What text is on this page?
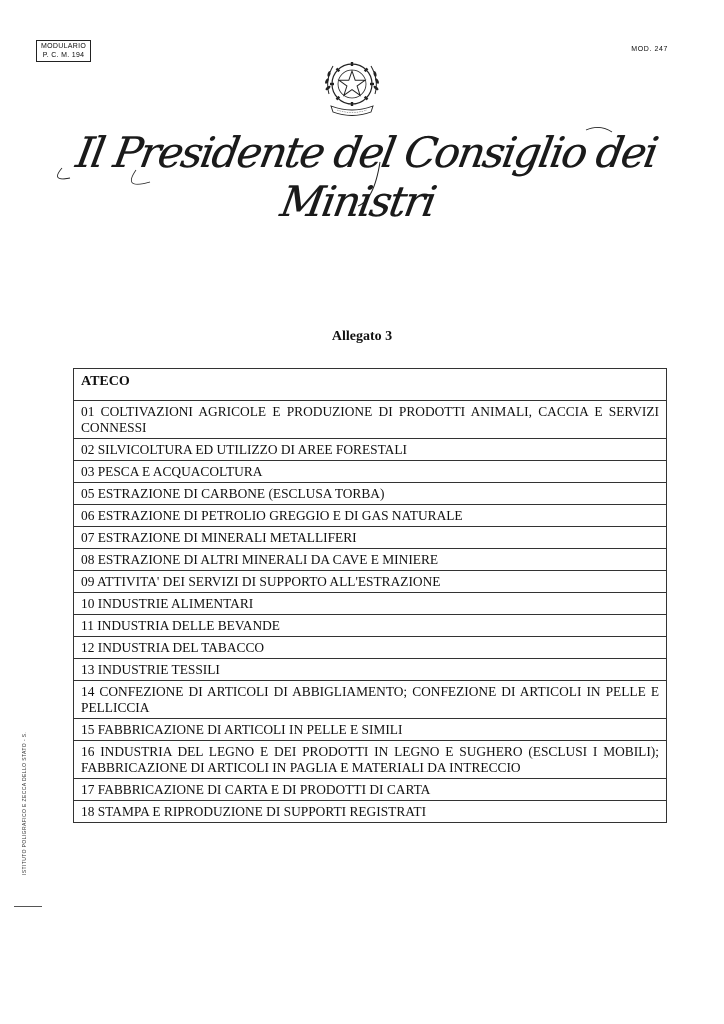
MODULARIO
P. C. M. 194
MOD. 247
Il Presidente del Consiglio dei Ministri
Allegato 3
ATECO
01 COLTIVAZIONI AGRICOLE E PRODUZIONE DI PRODOTTI ANIMALI, CACCIA E SERVIZI CONNESSI
02 SILVICOLTURA ED UTILIZZO DI AREE FORESTALI
03 PESCA E ACQUACOLTURA
05 ESTRAZIONE DI CARBONE (ESCLUSA TORBA)
06 ESTRAZIONE DI PETROLIO GREGGIO E DI GAS NATURALE
07 ESTRAZIONE DI MINERALI METALLIFERI
08 ESTRAZIONE DI ALTRI MINERALI DA CAVE E MINIERE
09 ATTIVITA' DEI SERVIZI DI SUPPORTO ALL'ESTRAZIONE
10 INDUSTRIE ALIMENTARI
11 INDUSTRIA DELLE BEVANDE
12 INDUSTRIA DEL TABACCO
13 INDUSTRIE TESSILI
14 CONFEZIONE DI ARTICOLI DI ABBIGLIAMENTO; CONFEZIONE DI ARTICOLI IN PELLE E PELLICCIA
15 FABBRICAZIONE DI ARTICOLI IN PELLE E SIMILI
16 INDUSTRIA DEL LEGNO E DEI PRODOTTI IN LEGNO E SUGHERO (ESCLUSI I MOBILI); FABBRICAZIONE DI ARTICOLI IN PAGLIA E MATERIALI DA INTRECCIO
17 FABBRICAZIONE DI CARTA E DI PRODOTTI DI CARTA
18 STAMPA E RIPRODUZIONE DI SUPPORTI REGISTRATI
ISTITUTO POLIGRAFICO E ZECCA DELLO STATO - S.
